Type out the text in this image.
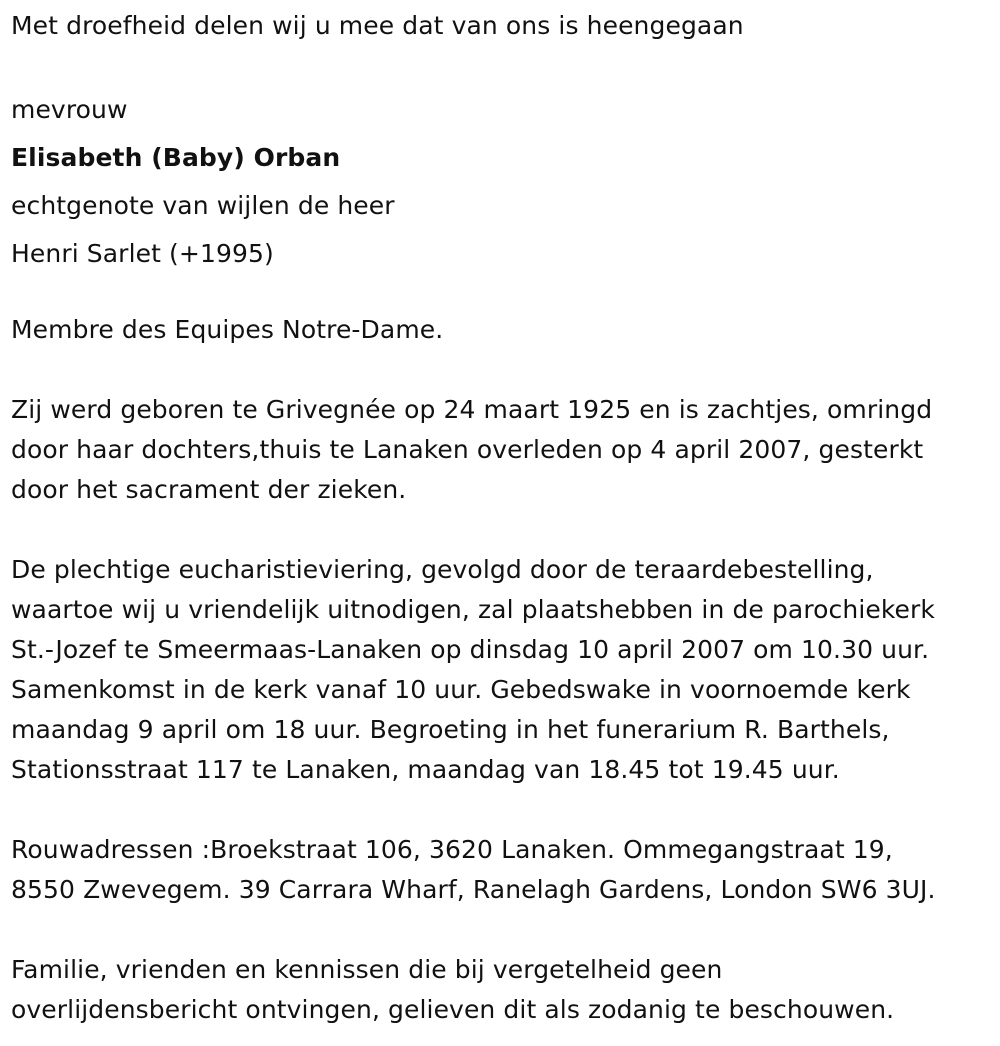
Met droefheid delen wij u mee dat van ons is heengegaan

mevrouw

Elisabeth (Baby) Orban

echtgenote van wijlen de heer

Henri Sarlet (+1995)

Membre des Equipes Notre-Dame.

Zij werd geboren te Grivegnée op 24 maart 1925 en is zachtjes, omringd

door haar dochters,thuis te Lanaken overleden op 4 april 2007, gesterkt

door het sacrament der zieken.

De plechtige eucharistieviering, gevolgd door de teraardebestelling,

waartoe wij u vriendelijk uitnodigen, zal plaatshebben in de parochiekerk

St.-Jozef te Smeermaas-Lanaken op dinsdag 10 april 2007 om 10.30 uur.

Samenkomst in de kerk vanaf 10 uur. Gebedswake in voornoemde kerk

maandag 9 april om 18 uur. Begroeting in het funerarium R. Barthels,

Stationsstraat 117 te Lanaken, maandag van 18.45 tot 19.45 uur.

Rouwadressen :Broekstraat 106, 3620 Lanaken. Ommegangstraat 19,

8550 Zwevegem. 39 Carrara Wharf, Ranelagh Gardens, London SW6 3UJ.

Familie, vrienden en kennissen die bij vergetelheid geen

overlijdensbericht ontvingen, gelieven dit als zodanig te beschouwen.
